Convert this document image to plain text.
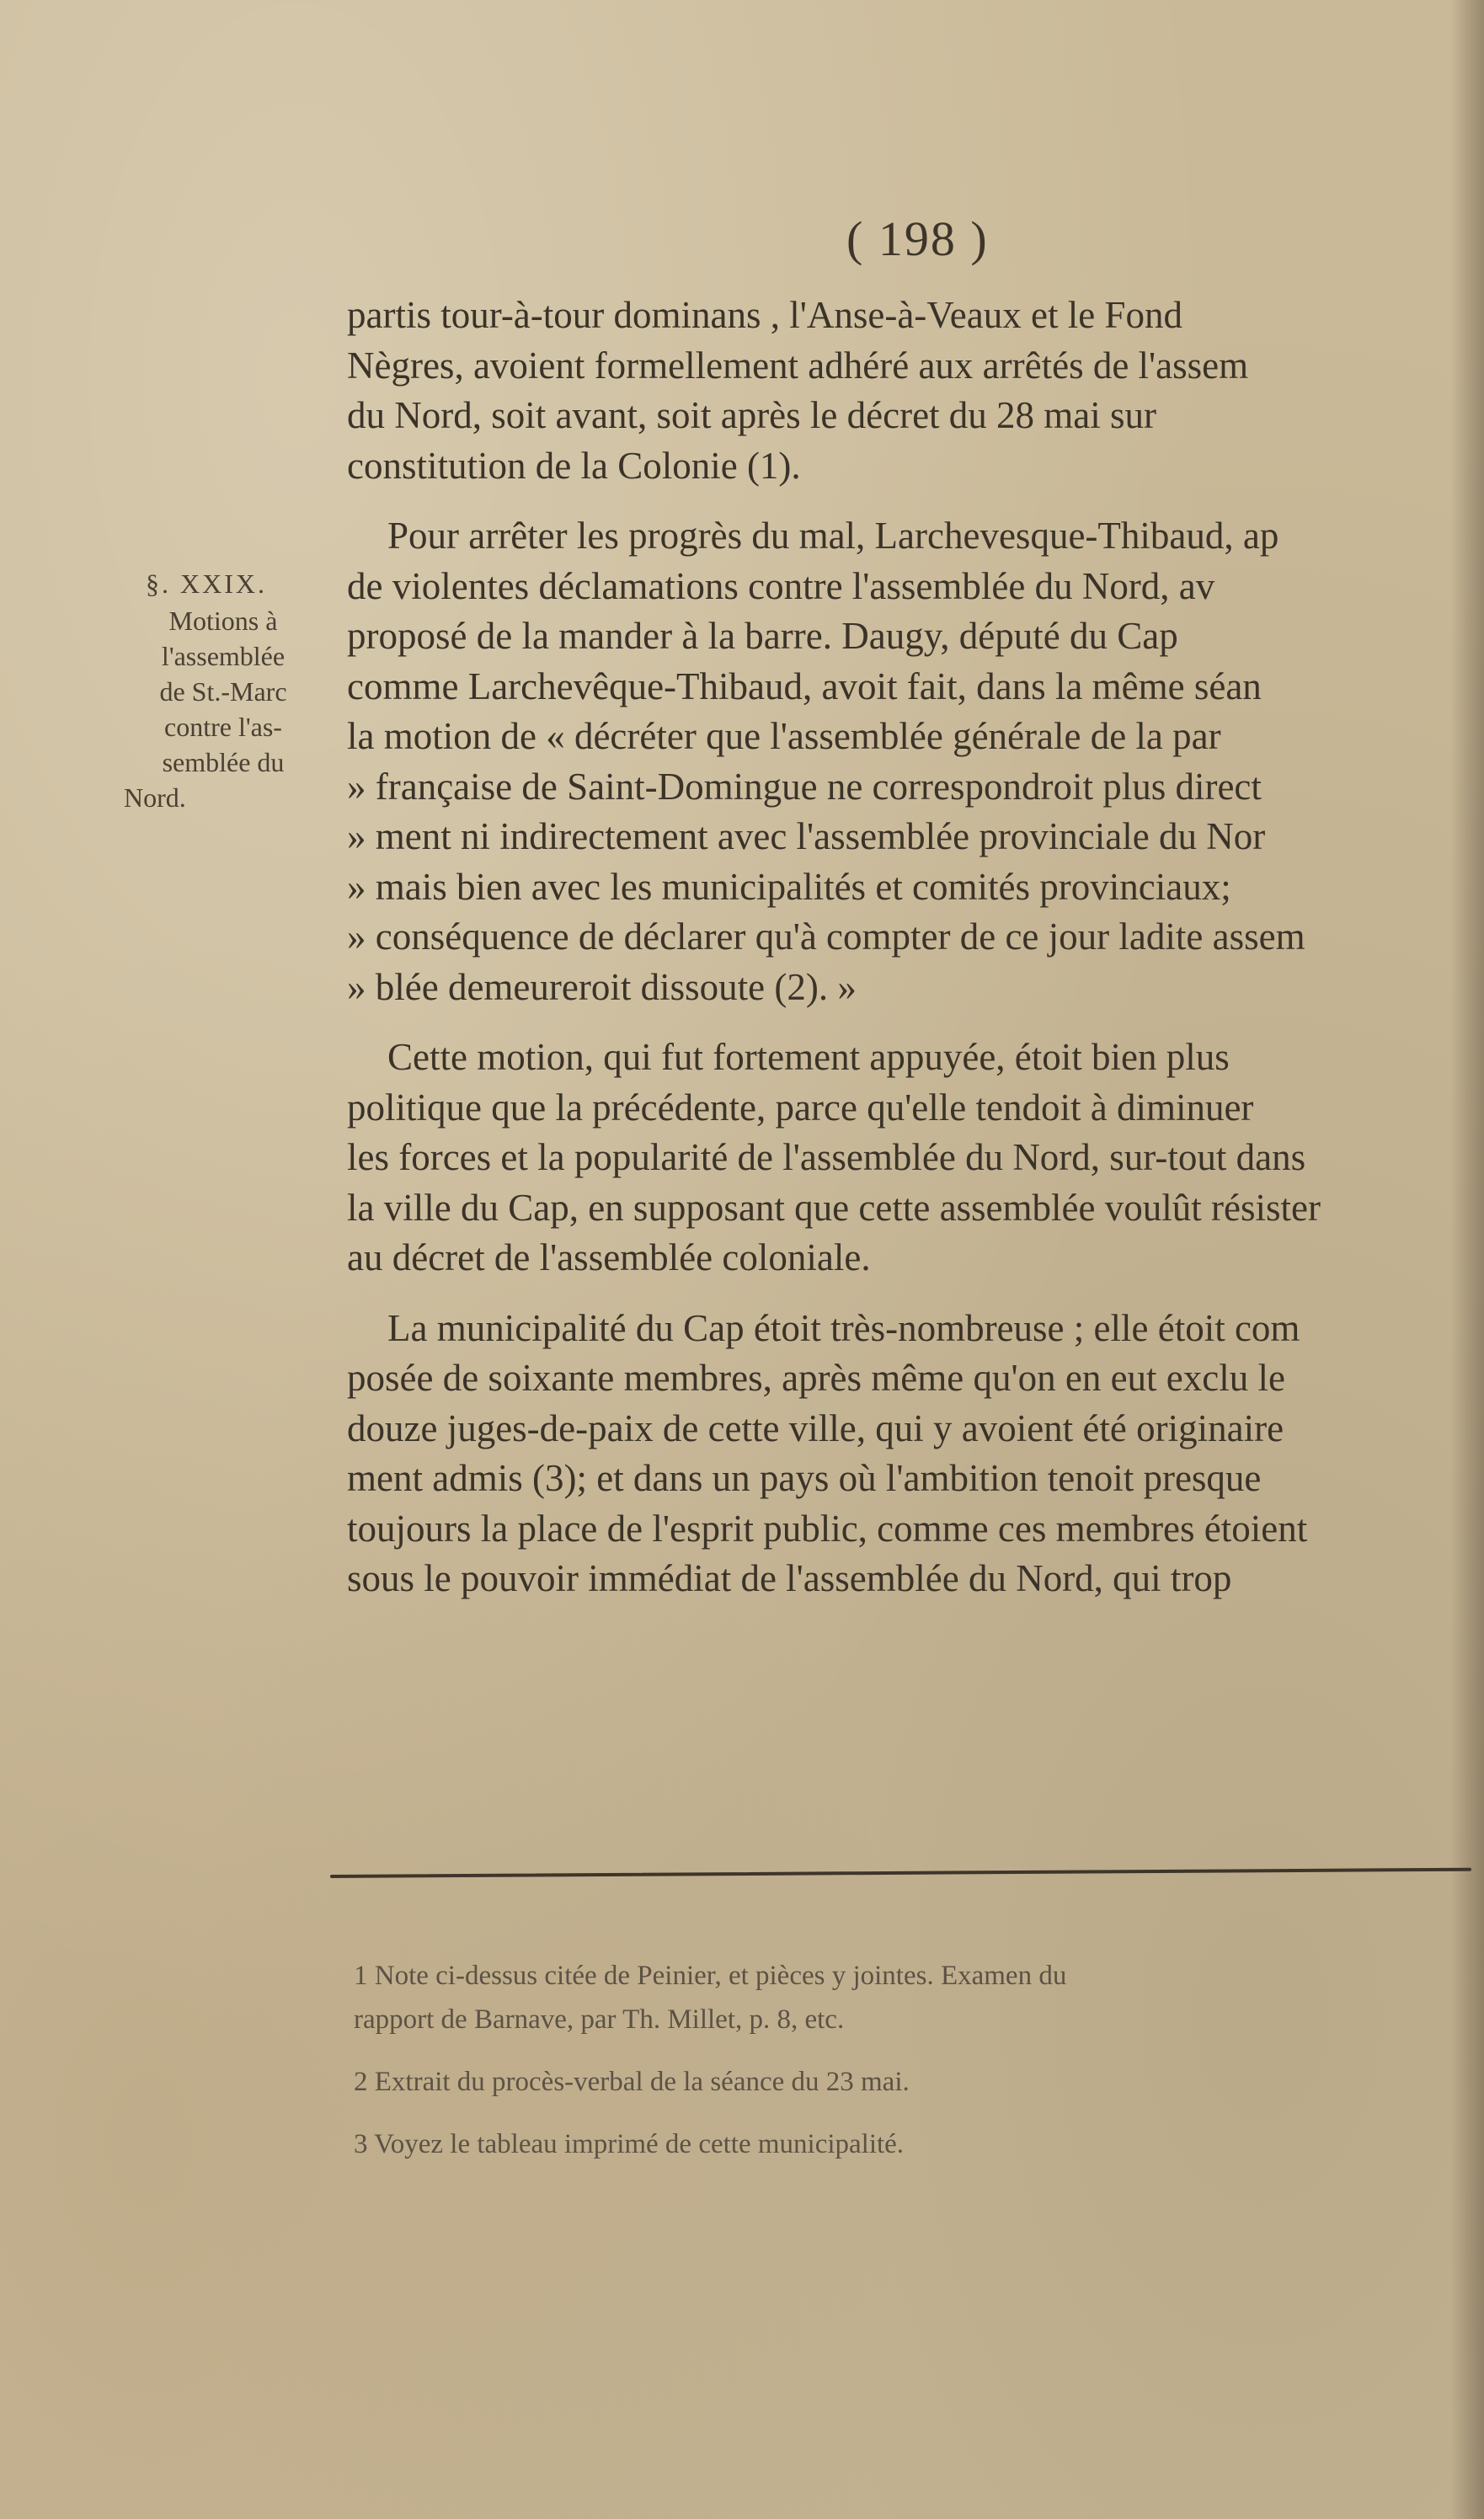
( 198 )
§. XXIX.
Motions à
l'assemblée
de St.-Marc
contre l'as-
semblée du
Nord.
partis tour-à-tour dominans , l'Anse-à-Veaux et le Fond
Nègres, avoient formellement adhéré aux arrêtés de l'assem
du Nord, soit avant, soit après le décret du 28 mai sur
constitution de la Colonie (1).
Pour arrêter les progrès du mal, Larchevesque-Thibaud, ap
de violentes déclamations contre l'assemblée du Nord, av
proposé de la mander à la barre. Daugy, député du Cap
comme Larchevêque-Thibaud, avoit fait, dans la même séan
la motion de « décréter que l'assemblée générale de la par
» française de Saint-Domingue ne correspondroit plus direct
» ment ni indirectement avec l'assemblée provinciale du Nor
» mais bien avec les municipalités et comités provinciaux;
» conséquence de déclarer qu'à compter de ce jour ladite assem
» blée demeureroit dissoute (2). »
Cette motion, qui fut fortement appuyée, étoit bien plus
politique que la précédente, parce qu'elle tendoit à diminuer
les forces et la popularité de l'assemblée du Nord, sur-tout dans
la ville du Cap, en supposant que cette assemblée voulût résister
au décret de l'assemblée coloniale.
La municipalité du Cap étoit très-nombreuse ; elle étoit com
posée de soixante membres, après même qu'on en eut exclu le
douze juges-de-paix de cette ville, qui y avoient été originaire
ment admis (3); et dans un pays où l'ambition tenoit presque
toujours la place de l'esprit public, comme ces membres étoient
sous le pouvoir immédiat de l'assemblée du Nord, qui trop
1 Note ci-dessus citée de Peinier, et pièces y jointes. Examen du
rapport de Barnave, par Th. Millet, p. 8, etc.
2 Extrait du procès-verbal de la séance du 23 mai.
3 Voyez le tableau imprimé de cette municipalité.
